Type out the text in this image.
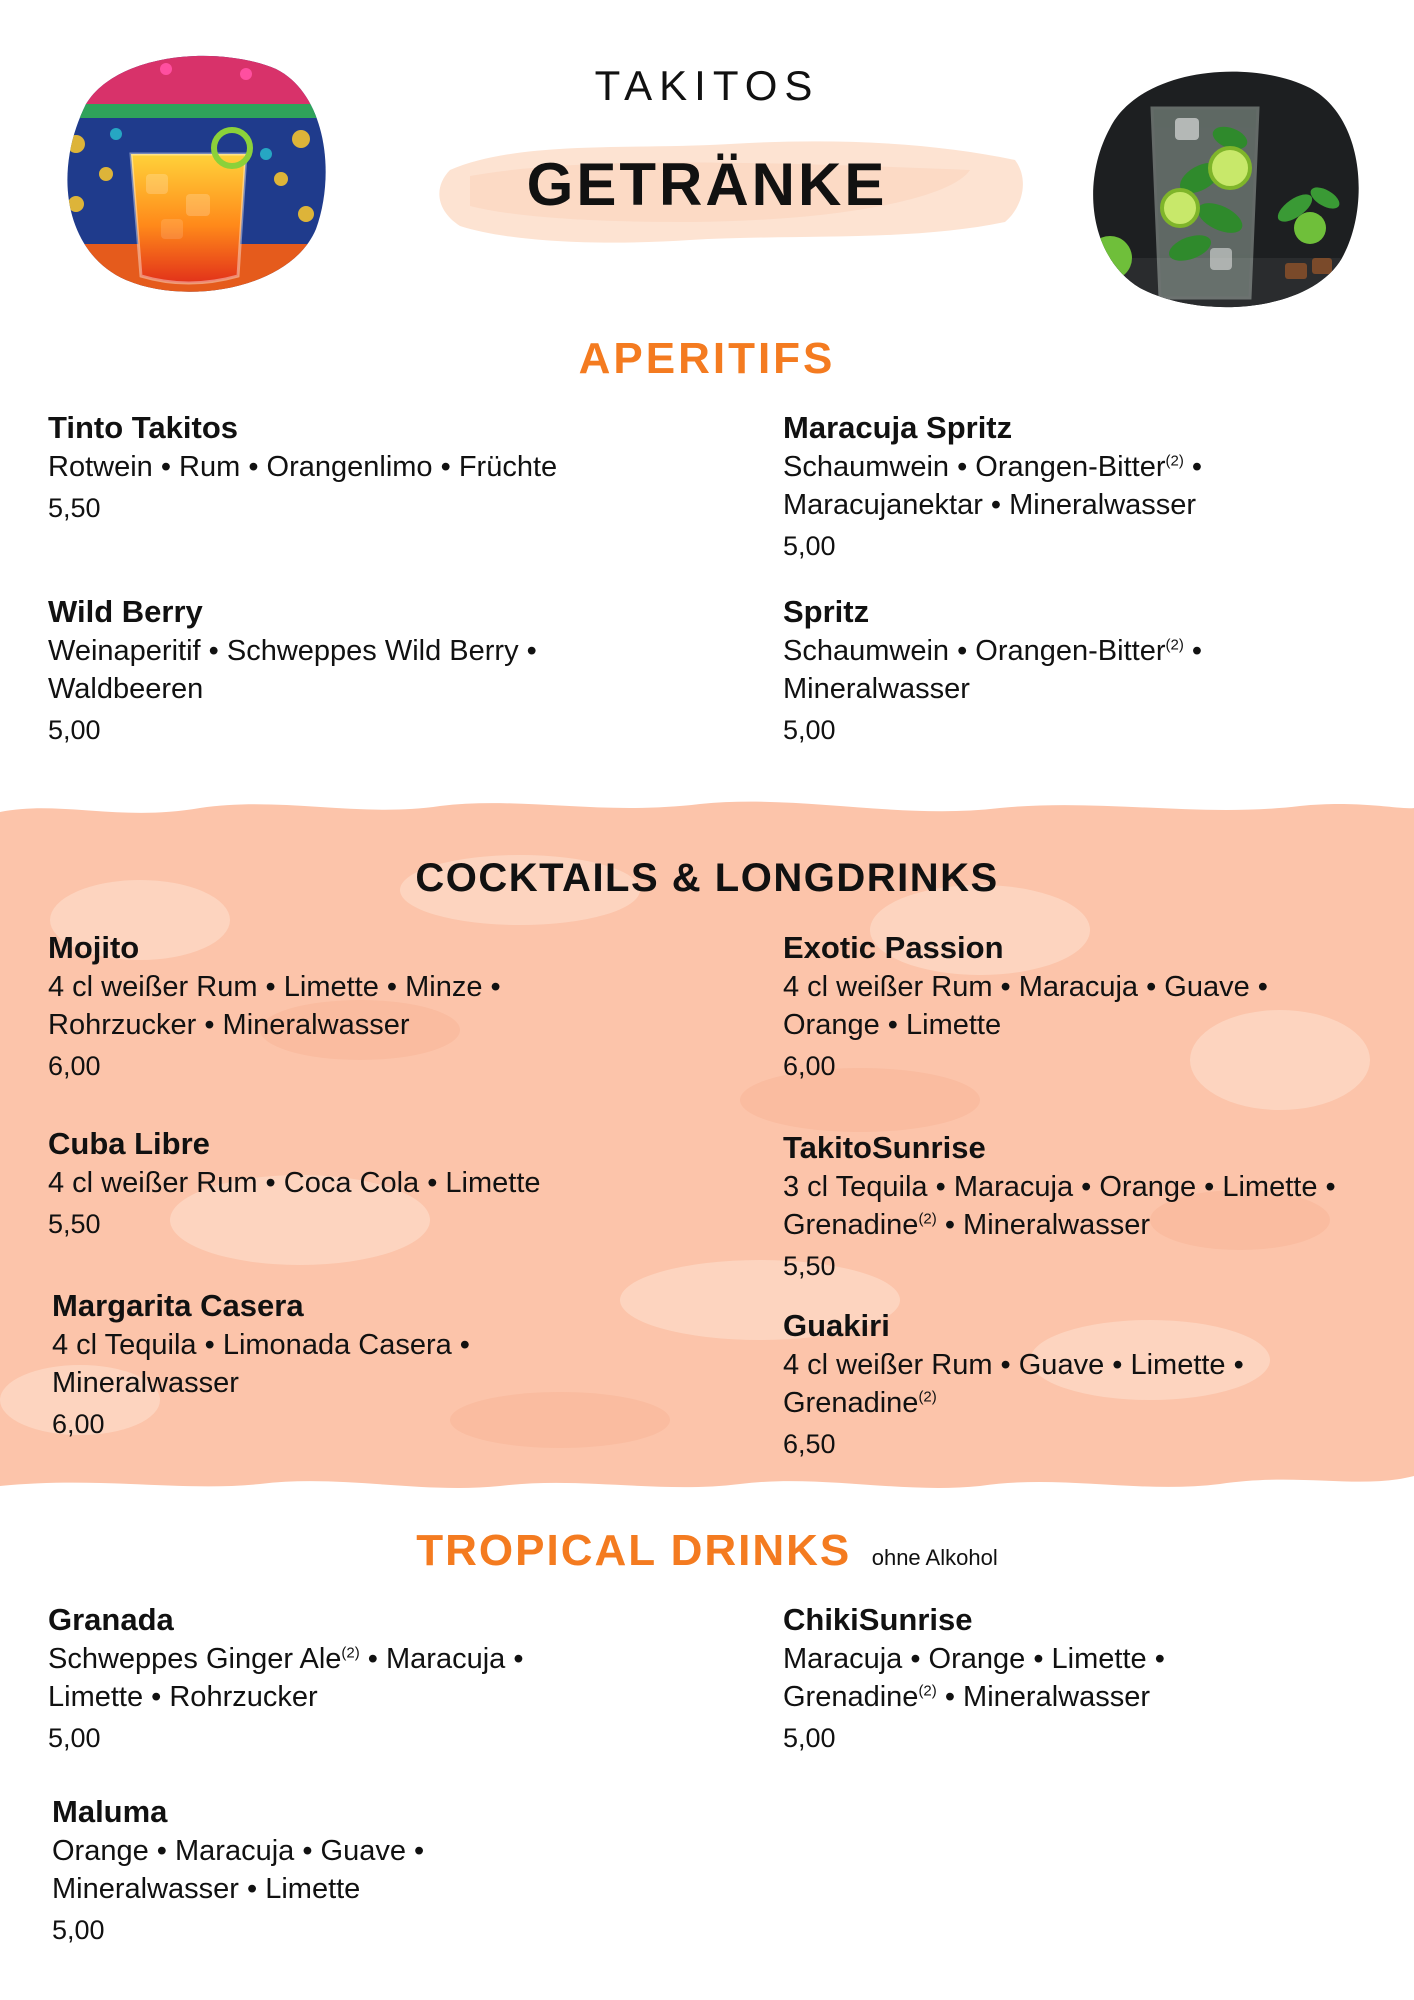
TAKITOS
GETRÄNKE
APERITIFS
Tinto Takitos
Rotwein • Rum • Orangenlimo • Früchte
5,50
Maracuja Spritz
Schaumwein • Orangen-Bitter$^{(2)}$ • Maracujanektar • Mineralwasser
5,00
Wild Berry
Weinaperitif • Schweppes Wild Berry • Waldbeeren
5,00
Spritz
Schaumwein • Orangen-Bitter$^{(2)}$ • Mineralwasser
5,00
COCKTAILS & LONGDRINKS
Mojito
4 cl weißer Rum • Limette • Minze • Rohrzucker • Mineralwasser
6,00
Exotic Passion
4 cl weißer Rum • Maracuja • Guave • Orange • Limette
6,00
Cuba Libre
4 cl weißer Rum • Coca Cola • Limette
5,50
TakitoSunrise
3 cl Tequila • Maracuja • Orange • Limette • Grenadine$^{(2)}$ • Mineralwasser
5,50
Margarita Casera
4 cl Tequila • Limonada Casera • Mineralwasser
6,00
Guakiri
4 cl weißer Rum • Guave • Limette • Grenadine$^{(2)}$
6,50
TROPICAL DRINKS ohne Alkohol
Granada
Schweppes Ginger Ale$^{(2)}$ • Maracuja • Limette • Rohrzucker
5,00
ChikiSunrise
Maracuja • Orange • Limette • Grenadine$^{(2)}$ • Mineralwasser
5,00
Maluma
Orange • Maracuja • Guave • Mineralwasser • Limette
5,00
